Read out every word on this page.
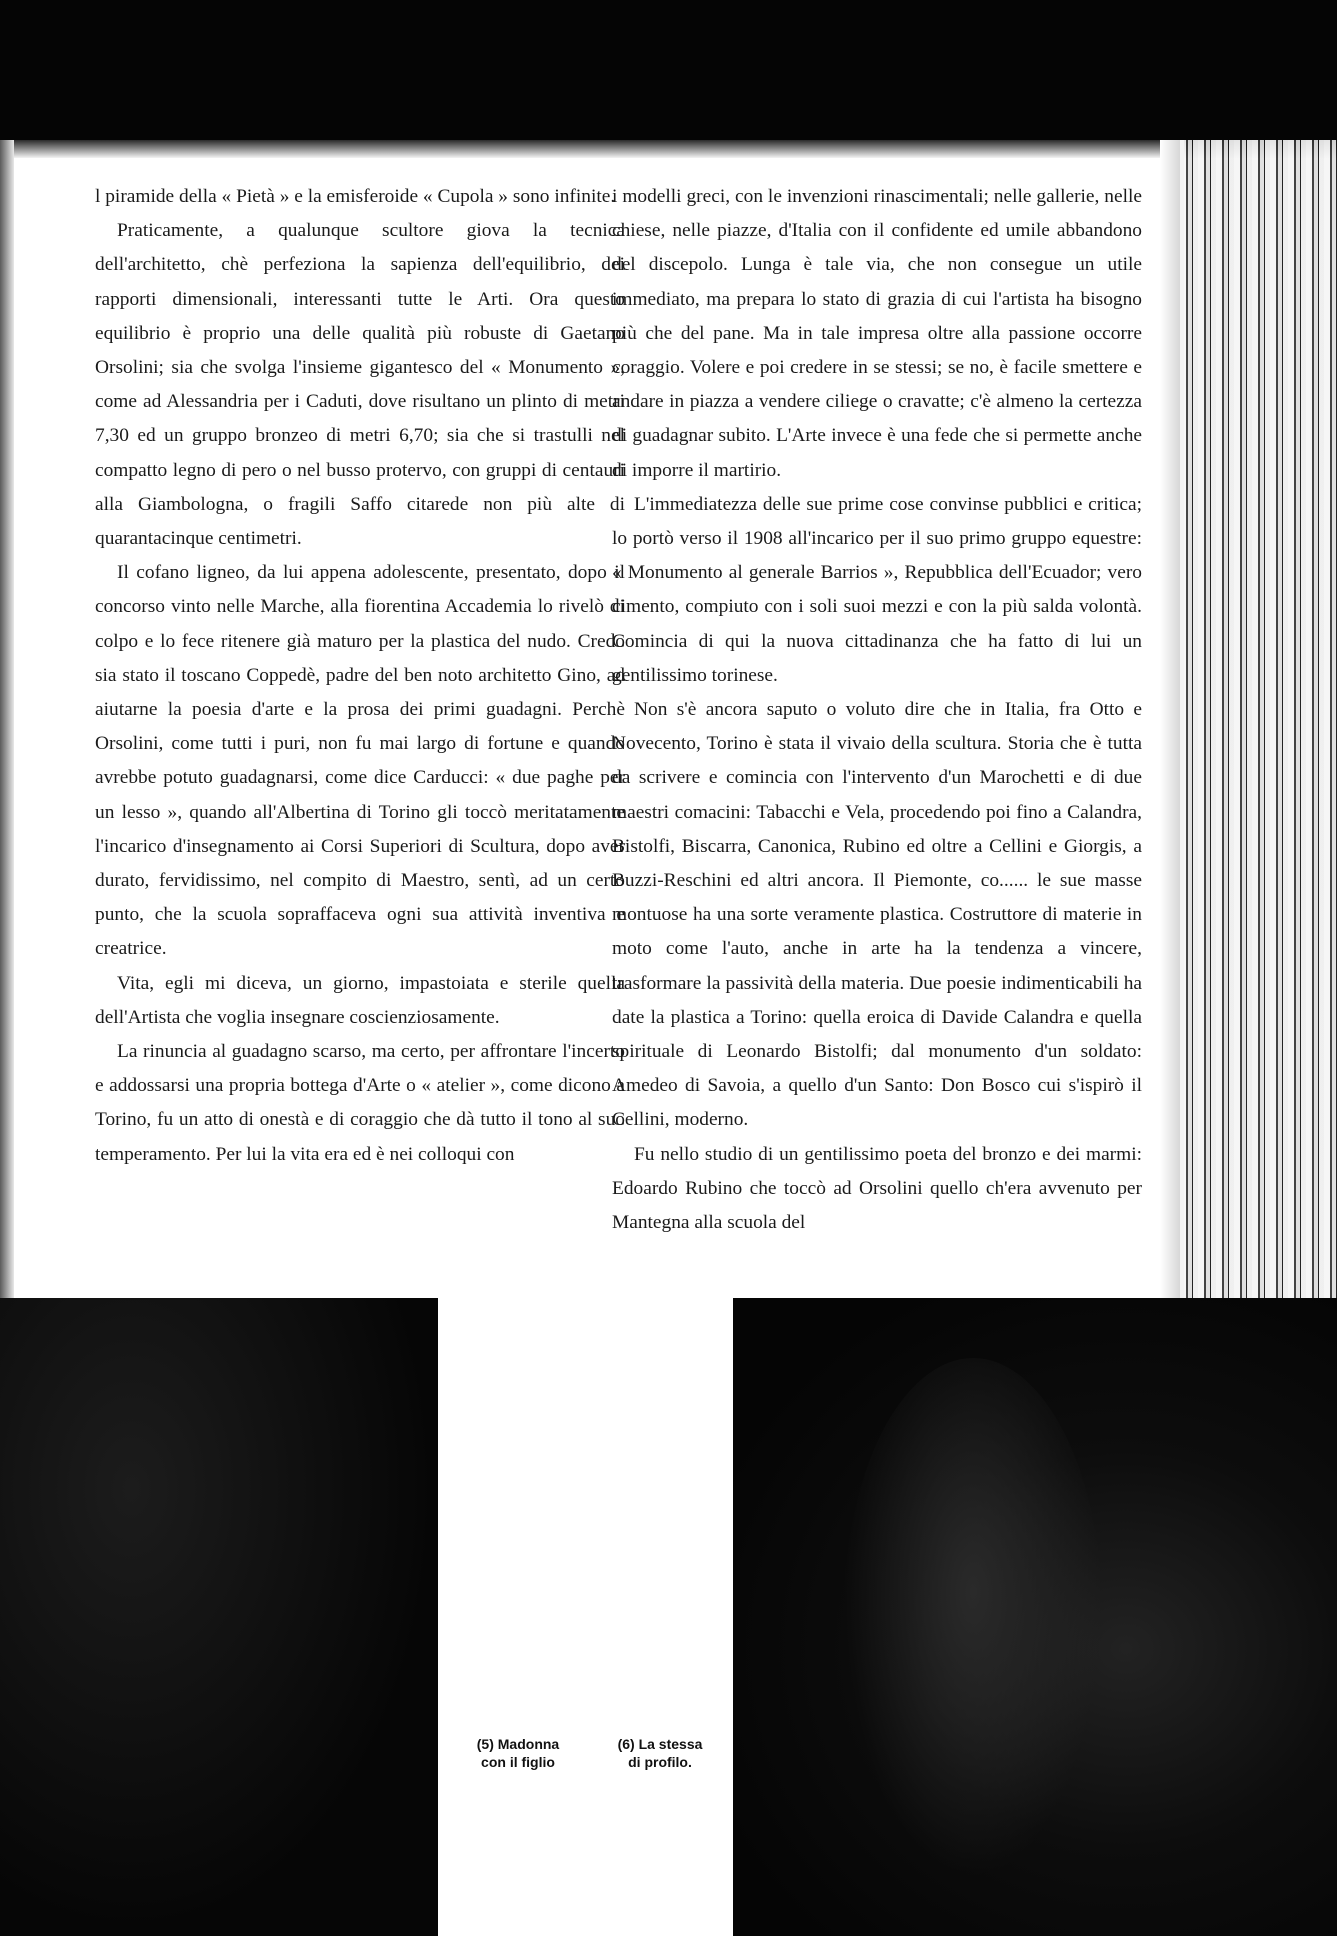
l piramide della « Pietà » e la emisferoide « Cupola » sono infinite.

Praticamente, a qualunque scultore giova la tecnica dell'architetto, chè perfeziona la sapienza dell'equilibrio, dei rapporti dimensionali, interessanti tutte le Arti. Ora questo equilibrio è proprio una delle qualità più robuste di Gaetano Orsolini; sia che svolga l'insieme gigantesco del « Monumento », come ad Alessandria per i Caduti, dove risultano un plinto di metri 7,30 ed un gruppo bronzeo di metri 6,70; sia che si trastulli nel compatto legno di pero o nel busso protervo, con gruppi di centauri alla Giambologna, o fragili Saffo citarede non più alte di quarantacinque centimetri.

Il cofano ligneo, da lui appena adolescente, presentato, dopo il concorso vinto nelle Marche, alla fiorentina Accademia lo rivelò di colpo e lo fece ritenere già maturo per la plastica del nudo. Credo sia stato il toscano Coppedè, padre del ben noto architetto Gino, ad aiutarne la poesia d'arte e la prosa dei primi guadagni. Perchè Orsolini, come tutti i puri, non fu mai largo di fortune e quando avrebbe potuto guadagnarsi, come dice Carducci: « due paghe per un lesso », quando all'Albertina di Torino gli toccò meritatamente l'incarico d'insegnamento ai Corsi Superiori di Scultura, dopo aver durato, fervidissimo, nel compito di Maestro, sentì, ad un certo punto, che la scuola sopraffaceva ogni sua attività inventiva e creatrice.

Vita, egli mi diceva, un giorno, impastoiata e sterile quella dell'Artista che voglia insegnare coscienziosamente.

La rinuncia al guadagno scarso, ma certo, per affrontare l'incerto e addossarsi una propria bottega d'Arte o « atelier », come dicono a Torino, fu un atto di onestà e di coraggio che dà tutto il tono al suo temperamento. Per lui la vita era ed è nei colloqui con

i modelli greci, con le invenzioni rinascimentali; nelle gallerie, nelle chiese, nelle piazze, d'Italia con il confidente ed umile abbandono del discepolo. Lunga è tale via, che non consegue un utile immediato, ma prepara lo stato di grazia di cui l'artista ha bisogno più che del pane. Ma in tale impresa oltre alla passione occorre coraggio. Volere e poi credere in se stessi; se no, è facile smettere e andare in piazza a vendere ciliege o cravatte; c'è almeno la certezza di guadagnar subito. L'Arte invece è una fede che si permette anche di imporre il martirio.

L'immediatezza delle sue prime cose convinse pubblici e critica; lo portò verso il 1908 all'incarico per il suo primo gruppo equestre: « Monumento al generale Barrios », Repubblica dell'Ecuador; vero cimento, compiuto con i soli suoi mezzi e con la più salda volontà. Comincia di qui la nuova cittadinanza che ha fatto di lui un gentilissimo torinese.

Non s'è ancora saputo o voluto dire che in Italia, fra Otto e Novecento, Torino è stata il vivaio della scultura. Storia che è tutta da scrivere e comincia con l'intervento d'un Marochetti e di due maestri comacini: Tabacchi e Vela, procedendo poi fino a Calandra, Bistolfi, Biscarra, Canonica, Rubino ed oltre a Cellini e Giorgis, a Buzzi-Reschini ed altri ancora. Il Piemonte, co...... le sue masse montuose ha una sorte veramente plastica. Costruttore di materie in moto come l'auto, anche in arte ha la tendenza a vincere, trasformare la passività della materia. Due poesie indimenticabili ha date la plastica a Torino: quella eroica di Davide Calandra e quella spirituale di Leonardo Bistolfi; dal monumento d'un soldato: Amedeo di Savoia, a quello d'un Santo: Don Bosco cui s'ispirò il Cellini, moderno.

Fu nello studio di un gentilissimo poeta del bronzo e dei marmi: Edoardo Rubino che toccò ad Orsolini quello ch'era avvenuto per Mantegna alla scuola del

(5) Madonna
con il figlio
(6) La stessa
di profilo.
